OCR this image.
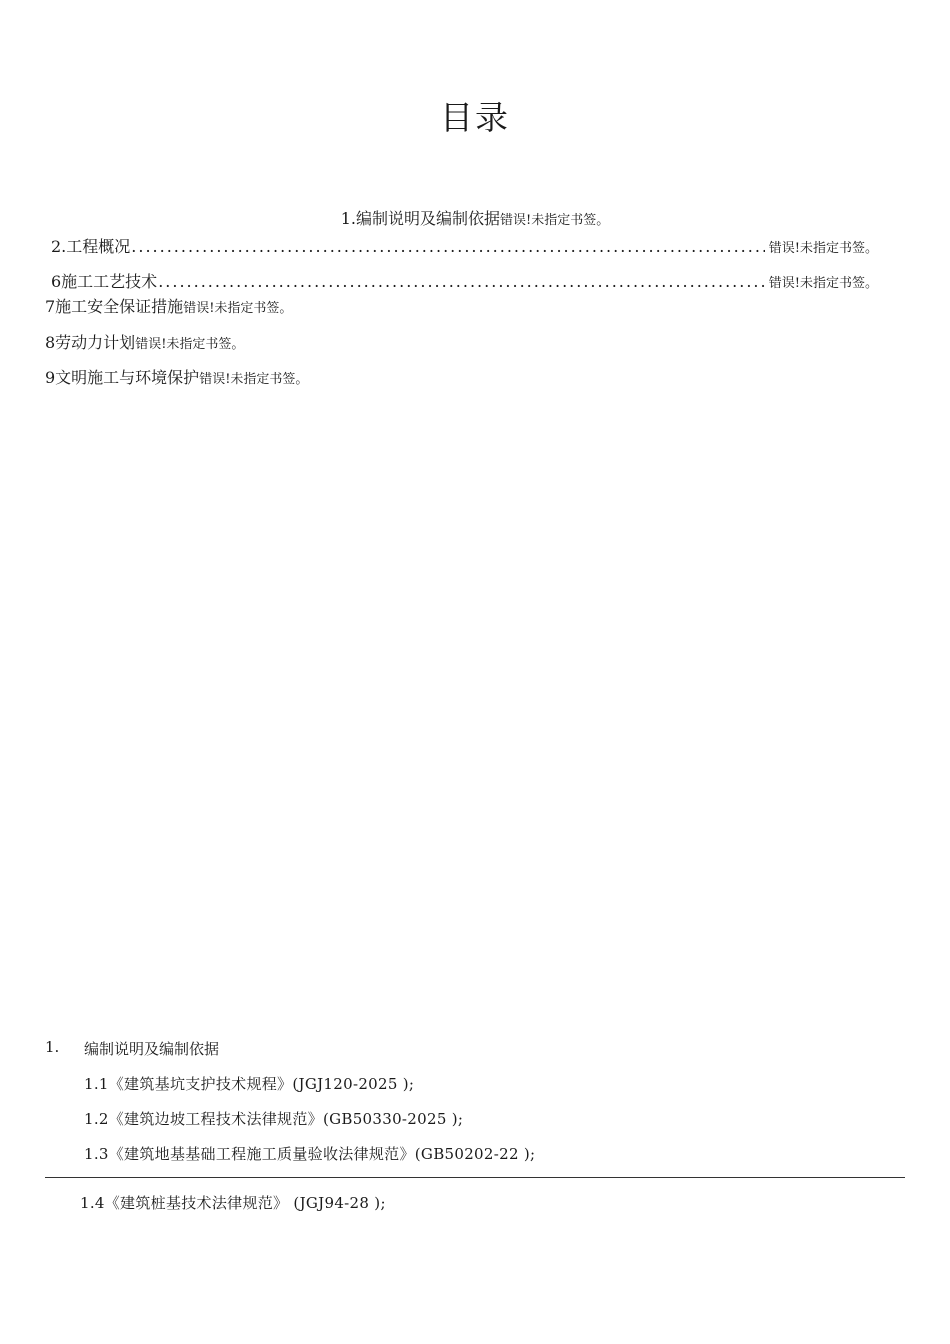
目录
1.编制说明及编制依据错误!未指定书签。
2.工程概况 .....	错误!未指定书签。
6施工工艺技术 .....	错误!未指定书签。
7施工安全保证措施错误!未指定书签。
8劳动力计划错误!未指定书签。
9文明施工与环境保护错误!未指定书签。
1. 编制说明及编制依据
1.1《建筑基坑支护技术规程》(JGJ120-2025 );
1.2《建筑边坡工程技术法律规范》(GB50330-2025 );
1.3《建筑地基基础工程施工质量验收法律规范》(GB50202-22 );
1.4《建筑桩基技术法律规范》 (JGJ94-28 );
